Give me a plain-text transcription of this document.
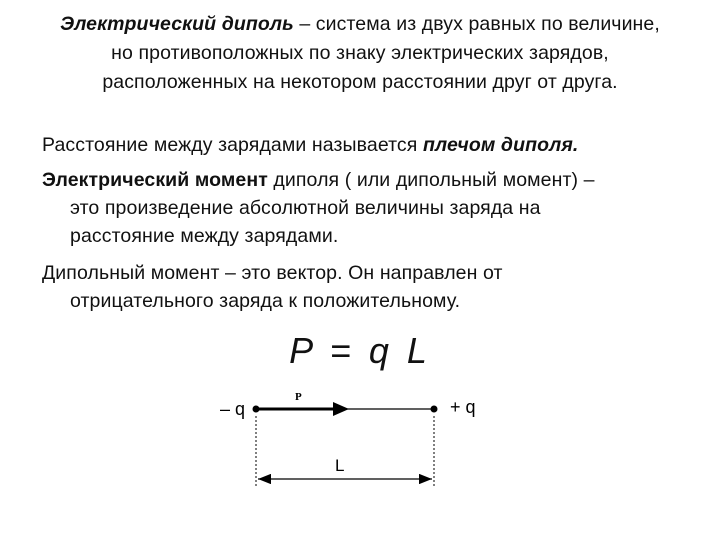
Электрический диполь – система из двух равных по величине,
но противоположных по знаку электрических зарядов,
расположенных на некотором расстоянии друг от друга.
Расстояние между зарядами называется плечом диполя.
Электрический момент диполя ( или дипольный момент) –
это произведение абсолютной величины заряда на
расстояние между зарядами.
Дипольный момент – это вектор. Он направлен от
отрицательного заряда к положительному.
P = q L
– q	+ q
P
L
